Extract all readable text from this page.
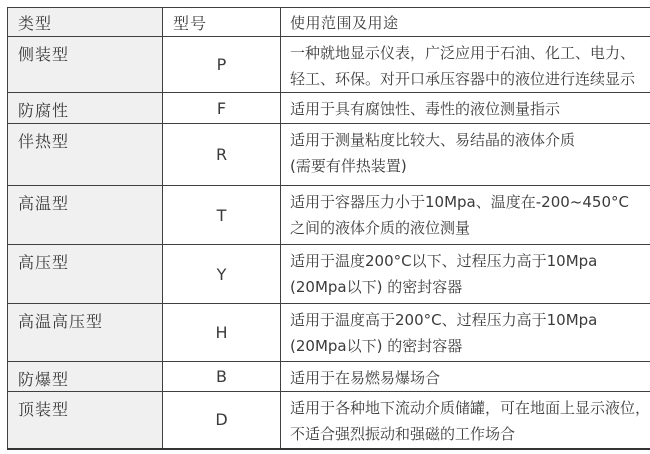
类型	型号	使用范围及用途
侧装型	P	一种就地显示仪表，广泛应用于石油、化工、电力、
轻工、环保。对开口承压容器中的液位进行连续显示

防腐性	F	适用于具有腐蚀性、毒性的液位测量指示

伴热型	R	适用于测量粘度比较大、易结晶的液体介质
(需要有伴热装置)

高温型	T	适用于容器压力小于10Mpa、温度在-200~450°C
之间的液体介质的液位测量

高压型	Y	适用于温度200°C以下、过程压力高于10Mpa
(20Mpa以下) 的密封容器

高温高压型	H	适用于温度高于200°C、过程压力高于10Mpa
(20Mpa以下) 的密封容器

防爆型	B	适用于在易燃易爆场合

顶装型	D	适用于各种地下流动介质储罐，可在地面上显示液位，
不适合强烈振动和强磁的工作场合
